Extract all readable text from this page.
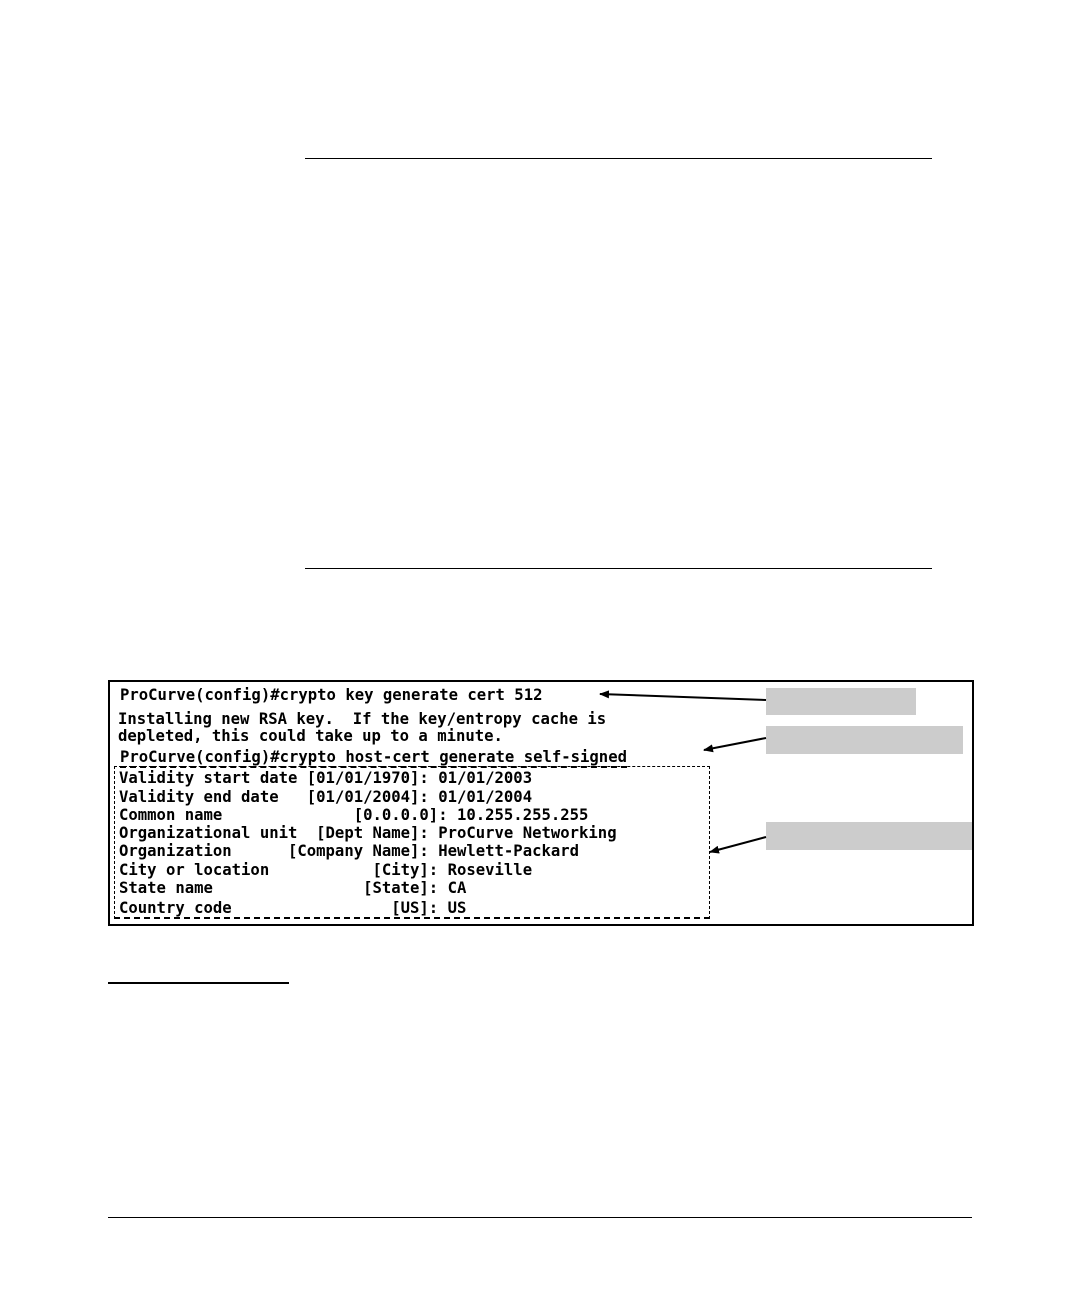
ProCurve(config)#crypto key generate cert 512
Installing new RSA key.  If the key/entropy cache is
depleted, this could take up to a minute.
ProCurve(config)#crypto host-cert generate self-signed
Validity start date [01/01/1970]: 01/01/2003
Validity end date   [01/01/2004]: 01/01/2004
Common name              [0.0.0.0]: 10.255.255.255
Organizational unit  [Dept Name]: ProCurve Networking
Organization      [Company Name]: Hewlett-Packard
City or location           [City]: Roseville
State name                [State]: CA
Country code                 [US]: US
